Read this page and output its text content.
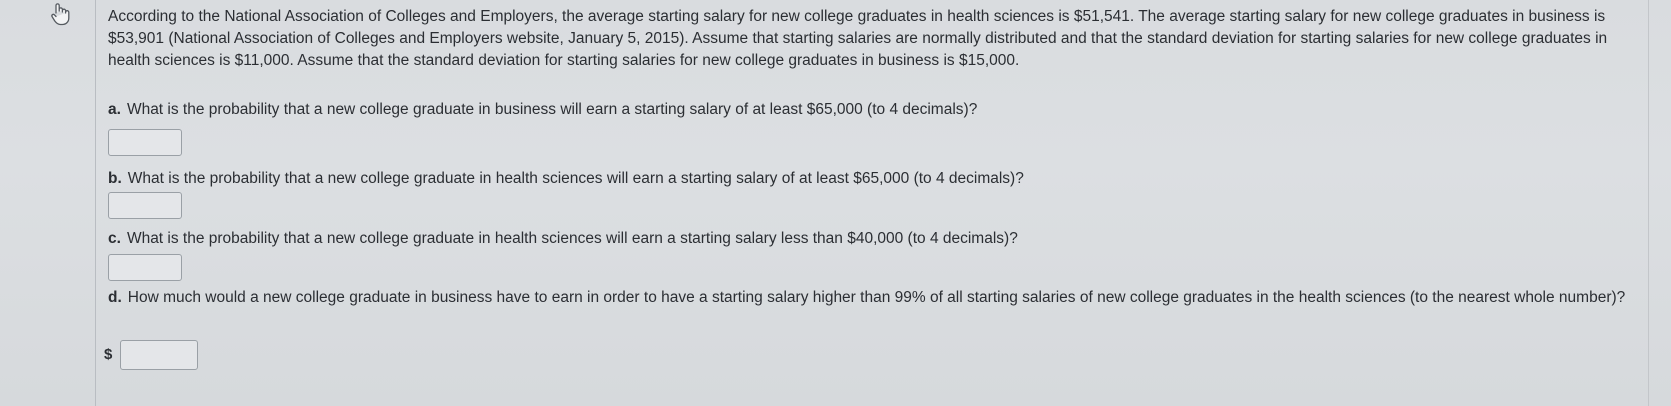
According to the National Association of Colleges and Employers, the average starting salary for new college graduates in health sciences is $51,541. The average starting salary for new college graduates in business is $53,901 (National Association of Colleges and Employers website, January 5, 2015). Assume that starting salaries are normally distributed and that the standard deviation for starting salaries for new college graduates in health sciences is $11,000. Assume that the standard deviation for starting salaries for new college graduates in business is $15,000.

a. What is the probability that a new college graduate in business will earn a starting salary of at least $65,000 (to 4 decimals)?
b. What is the probability that a new college graduate in health sciences will earn a starting salary of at least $65,000 (to 4 decimals)?
c. What is the probability that a new college graduate in health sciences will earn a starting salary less than $40,000 (to 4 decimals)?
d. How much would a new college graduate in business have to earn in order to have a starting salary higher than 99% of all starting salaries of new college graduates in the health sciences (to the nearest whole number)?
$
